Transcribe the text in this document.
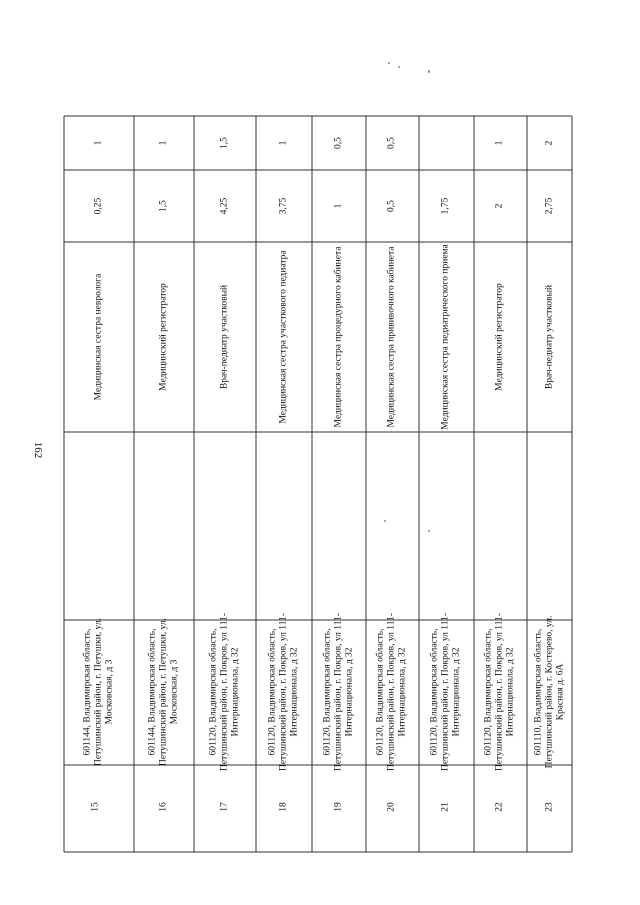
162
15
601144, Владимирская область, Петушинский район, г. Петушки, ул. Московская, д 3
Медицинская сестра невролога
0,25
1
16
601144, Владимирская область, Петушинский район, г. Петушки, ул. Московская, д 3
Медицинский регистратор
1,5
1
17
601120, Владимирская область, Петушинский район, г. Покров, ул 111- Интернационала, д 32
Врач-педиатр участковый
4,25
1,5
18
601120, Владимирская область, Петушинский район, г. Покров, ул 111- Интернационала, д 32
Медицинская сестра участкового педиатра
3,75
1
19
601120, Владимирская область, Петушинский район, г. Покров, ул 111- Интернационала, д 32
Медицинская сестра процедурного кабинета
1
0,5
20
601120, Владимирская область, Петушинский район, г. Покров, ул 111- Интернационала, д 32
Медицинская сестра прививочного кабинета
0,5
0,5
21
601120, Владимирская область, Петушинский район, г. Покров, ул 111- Интернационала, д 32
Медицинская сестра педиатрического приема
1,75
22
601120, Владимирская область, Петушинский район, г. Покров, ул 111- Интернационала, д 32
Медицинский регистратор
2
1
23
601110, Владимирская область, Петушинский район, г. Костерево, ул. Красная д. 6А
Врач-педиатр участковый
2,75
2
